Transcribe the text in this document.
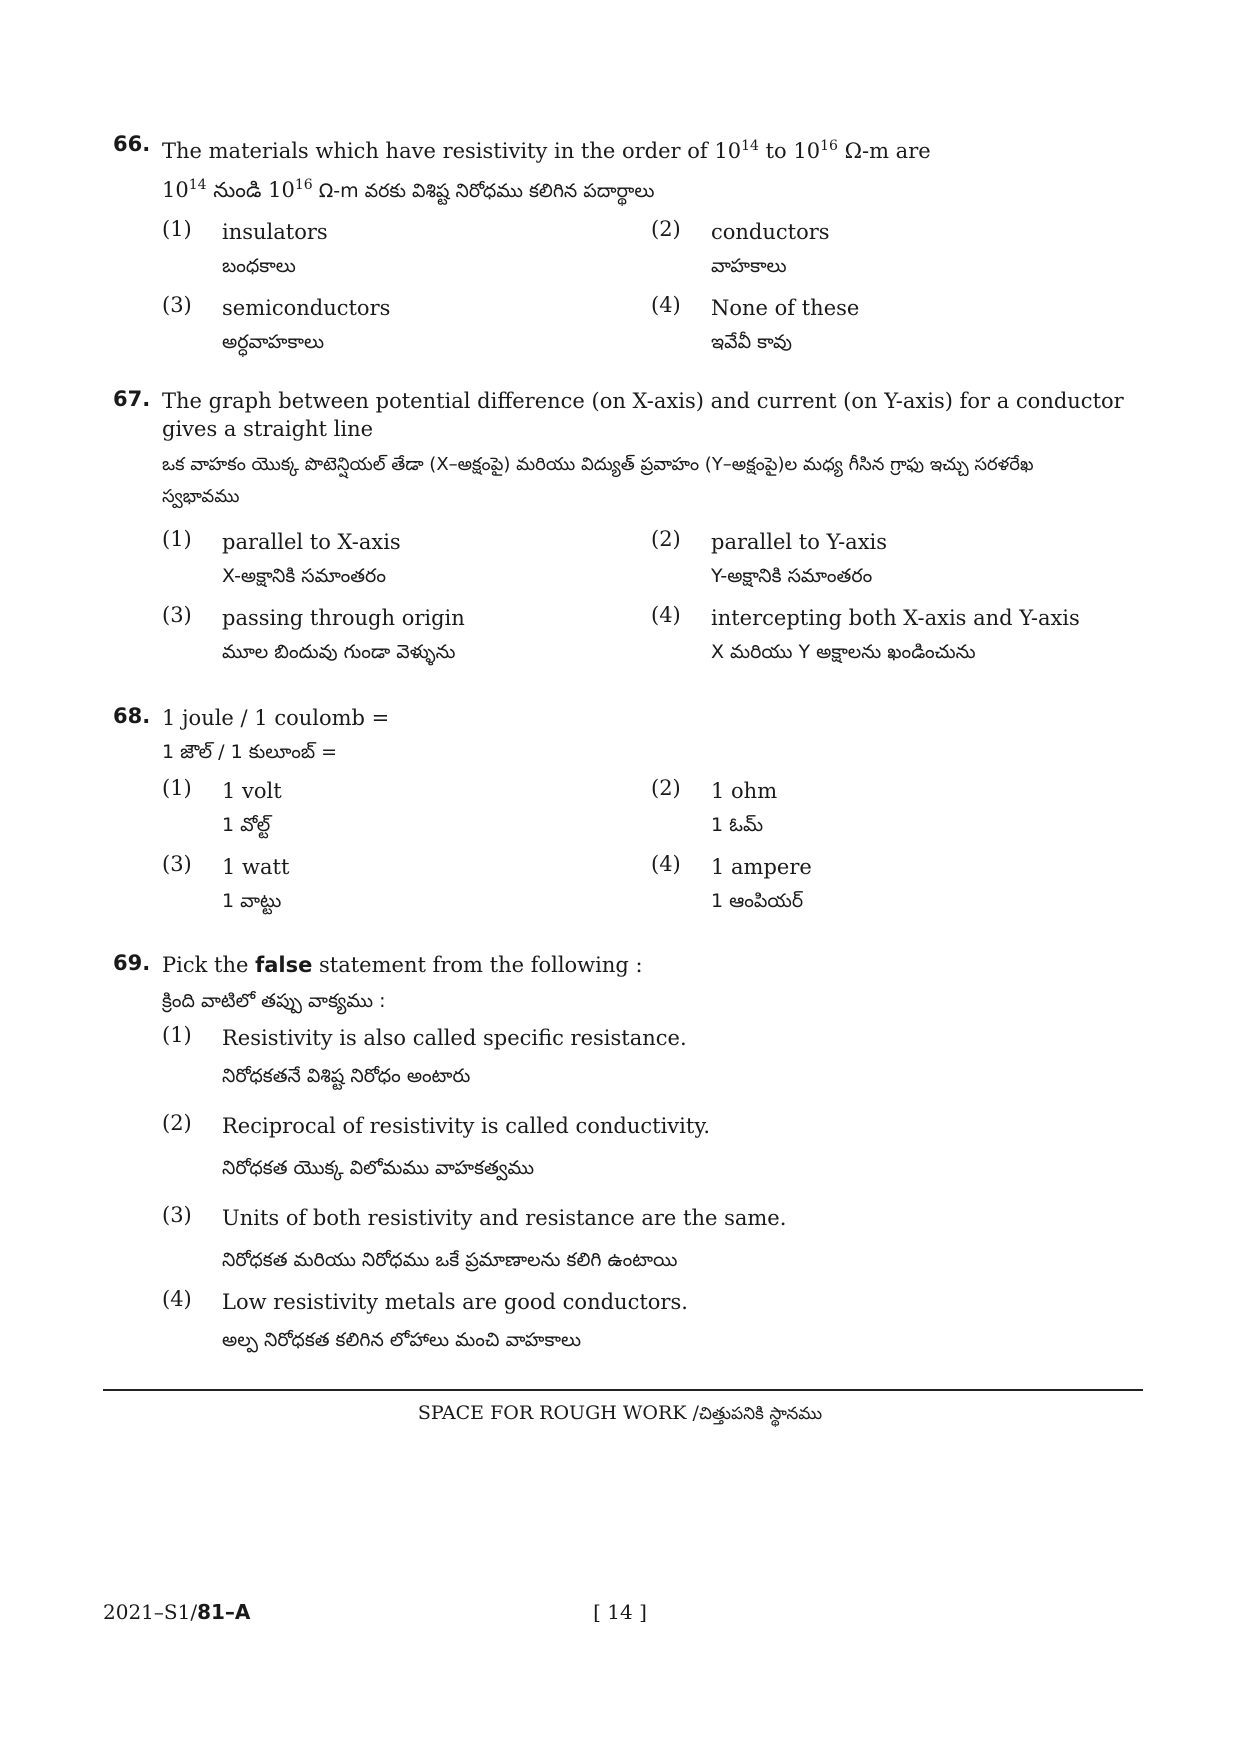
66. The materials which have resistivity in the order of $10^{14}$ to $10^{16}$ Ω-m are
$10^{14}$ నుండి $10^{16}$ Ω-m వరకు విశిష్ట నిరోధము కలిగిన పదార్థాలు
(1) insulators
బంధకాలు
(2) conductors
వాహకాలు
(3) semiconductors
అర్ధవాహకాలు
(4) None of these
ఇవేవీ కావు
67. The graph between potential difference (on X-axis) and current (on Y-axis) for a conductor
gives a straight line
ఒక వాహకం యొక్క పొటెన్షియల్ తేడా (X–అక్షంపై) మరియు విద్యుత్ ప్రవాహం (Y–అక్షంపై)ల మధ్య గీసిన గ్రాఫు ఇచ్చు సరళరేఖ
స్వభావము
(1) parallel to X-axis
X-అక్షానికి సమాంతరం
(2) parallel to Y-axis
Y-అక్షానికి సమాంతరం
(3) passing through origin
మూల బిందువు గుండా వెళ్ళును
(4) intercepting both X-axis and Y-axis
X మరియు Y అక్షాలను ఖండించును
68. 1 joule / 1 coulomb =
1 జౌల్ / 1 కులూంబ్ =
(1) 1 volt
1 వోల్ట్
(2) 1 ohm
1 ఓమ్
(3) 1 watt
1 వాట్టు
(4) 1 ampere
1 ఆంపియర్
69. Pick the false statement from the following :
క్రింది వాటిలో తప్పు వాక్యము :
(1) Resistivity is also called specific resistance.
నిరోధకతనే విశిష్ట నిరోధం అంటారు
(2) Reciprocal of resistivity is called conductivity.
నిరోధకత యొక్క విలోమము వాహకత్వము
(3) Units of both resistivity and resistance are the same.
నిరోధకత మరియు నిరోధము ఒకే ప్రమాణాలను కలిగి ఉంటాయి
(4) Low resistivity metals are good conductors.
అల్ప నిరోధకత కలిగిన లోహాలు మంచి వాహకాలు
SPACE FOR ROUGH WORK /చిత్తుపనికి స్థానము
2021–S1/81–A	[ 14 ]
